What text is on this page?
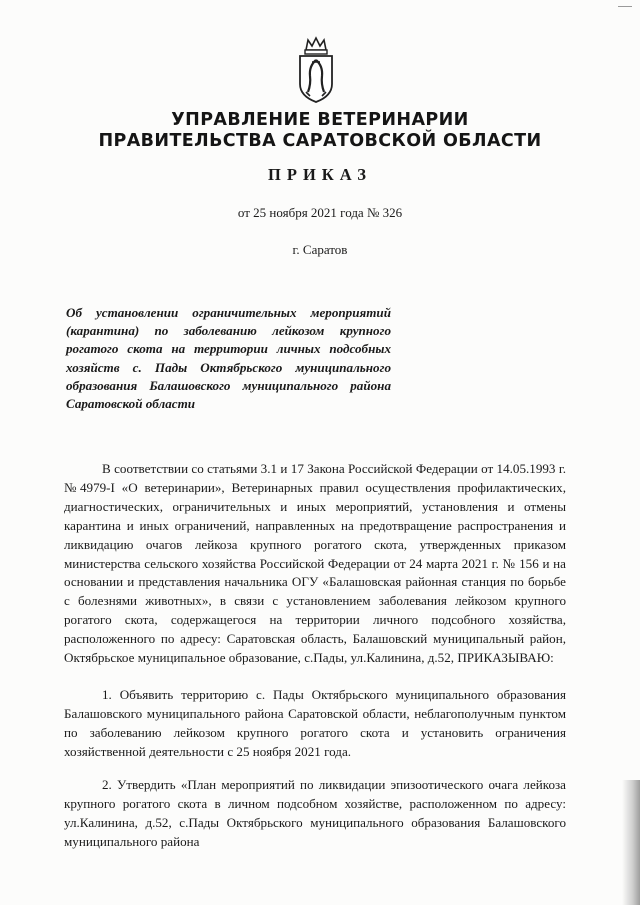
УПРАВЛЕНИЕ ВЕТЕРИНАРИИ
ПРАВИТЕЛЬСТВА САРАТОВСКОЙ ОБЛАСТИ
ПРИКАЗ
от 25 ноября 2021 года № 326
г. Саратов
Об установлении ограничительных мероприятий (карантина) по заболеванию лейкозом крупного рогатого скота на территории личных подсобных хозяйств с. Пады Октябрьского муниципального образования Балашовского муниципального района Саратовской области
В соответствии со статьями 3.1 и 17 Закона Российской Федерации от 14.05.1993 г. №4979-I «О ветеринарии», Ветеринарных правил осуществления профилактических, диагностических, ограничительных и иных мероприятий, установления и отмены карантина и иных ограничений, направленных на предотвращение распространения и ликвидацию очагов лейкоза крупного рогатого скота, утвержденных приказом министерства сельского хозяйства Российской Федерации от 24 марта 2021 г. № 156 и на основании и представления начальника ОГУ «Балашовская районная станция по борьбе с болезнями животных», в связи с установлением заболевания лейкозом крупного рогатого скота, содержащегося на территории личного подсобного хозяйства, расположенного по адресу: Саратовская область, Балашовский муниципальный район, Октябрьское муниципальное образование, с.Пады, ул.Калинина, д.52, ПРИКАЗЫВАЮ:
1. Объявить территорию с. Пады Октябрьского муниципального образования Балашовского муниципального района Саратовской области, неблагополучным пунктом по заболеванию лейкозом крупного рогатого скота и установить ограничения хозяйственной деятельности с 25 ноября 2021 года.
2. Утвердить «План мероприятий по ликвидации эпизоотического очага лейкоза крупного рогатого скота в личном подсобном хозяйстве, расположенном по адресу: ул.Калинина, д.52, с.Пады Октябрьского муниципального образования Балашовского муниципального района
